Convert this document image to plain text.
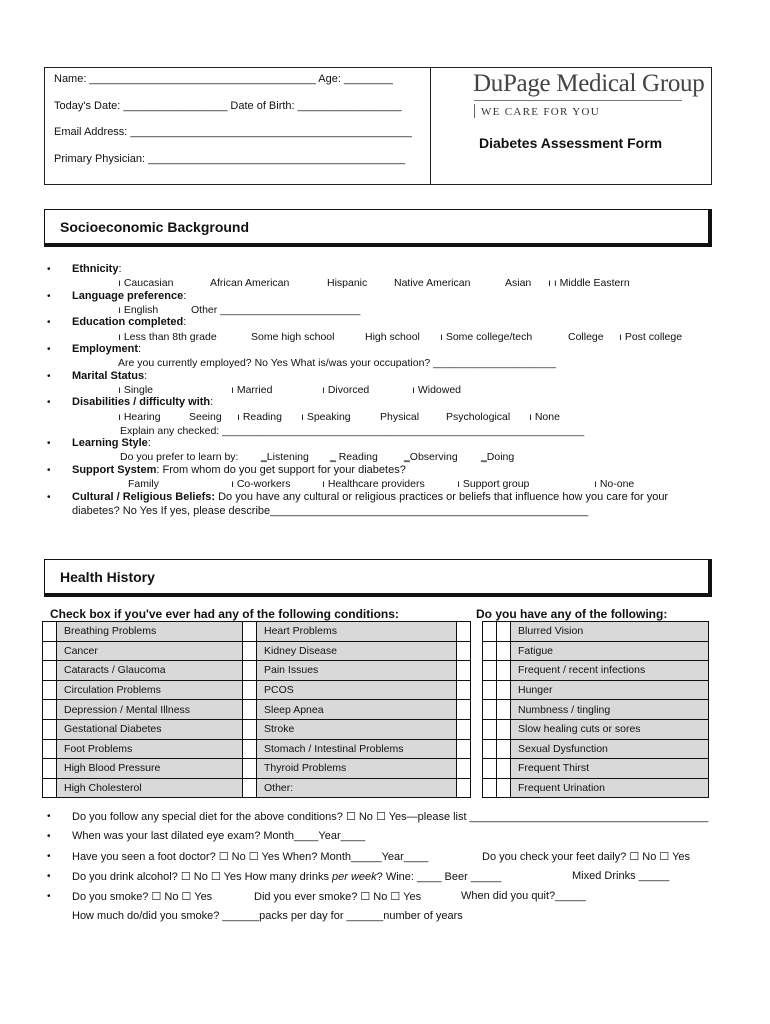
Name: _____________________________________ Age: ________
Today's Date: _________________ Date of Birth: _________________
Email Address: ______________________________________________
Primary Physician: __________________________________________
DuPage Medical Group
WE CARE FOR YOU
Diabetes Assessment Form
Socioeconomic Background
• Ethnicity:
ı Caucasian	African American	Hispanic	Native American	Asian ı ı Middle Eastern
• Language preference:
ı English	Other ________________________
• Education completed:
ı Less than 8th grade	Some high school	High school ı Some college/tech	College ı Post college
• Employment:
Are you currently employed? No Yes What is/was your occupation? _____________________
• Marital Status:
ı Single	ı Married	ı Divorced	ı Widowed
• Disabilities / difficulty with:
ı Hearing	Seeing ı Reading ı Speaking	Physical	Psychological ı None
Explain any checked: ______________________________________________________________
• Learning Style:
Do you prefer to learn by: ‗Listening ‗ Reading ‗Observing ‗Doing
• Support System: From whom do you get support for your diabetes?
Family	ı Co-workers	ı Healthcare providers	ı Support group	ı No-one
• Cultural / Religious Beliefs: Do you have any cultural or religious practices or beliefs that influence how you care for your
diabetes? No Yes If yes, please describe____________________________________________________
Health History
Check box if you've ever had any of the following conditions:	Do you have any of the following:
	Breathing Problems		Heart Problems					Blurred Vision
	Cancer		Kidney Disease					Fatigue
	Cataracts / Glaucoma		Pain Issues					Frequent / recent infections
	Circulation Problems		PCOS					Hunger
	Depression / Mental Illness		Sleep Apnea					Numbness / tingling
	Gestational Diabetes		Stroke					Slow healing cuts or sores
	Foot Problems		Stomach / Intestinal Problems					Sexual Dysfunction
	High Blood Pressure		Thyroid Problems					Frequent Thirst
	High Cholesterol		Other:					Frequent Urination
• Do you follow any special diet for the above conditions? ☐ No ☐ Yes—please list _______________________________________
• When was your last dilated eye exam? Month____Year____
• Have you seen a foot doctor? ☐ No ☐ Yes When? Month_____Year____	Do you check your feet daily? ☐ No ☐ Yes
• Do you drink alcohol? ☐ No ☐ Yes How many drinks per week? Wine: ____ Beer _____	Mixed Drinks _____
• Do you smoke? ☐ No ☐ Yes	Did you ever smoke? ☐ No ☐ Yes	When did you quit?_____
How much do/did you smoke? ______packs per day for ______number of years
